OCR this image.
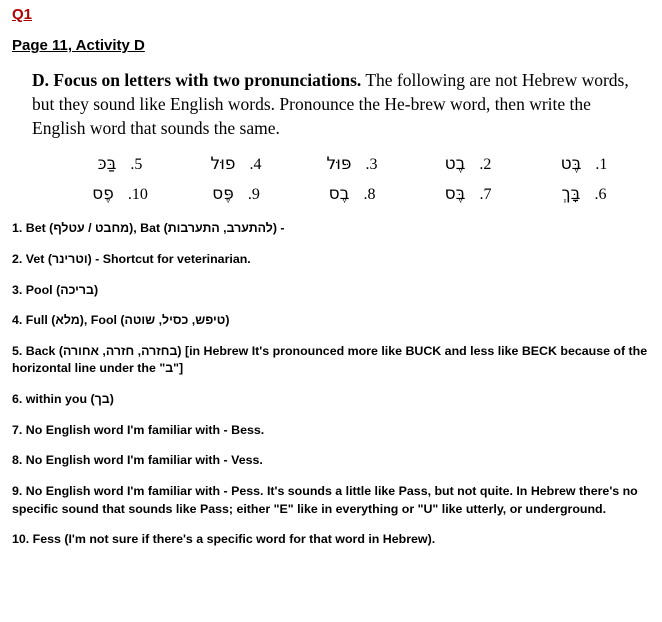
Q1
Page 11, Activity D
D. Focus on letters with two pronunciations. The following are not Hebrew words, but they sound like English words. Pronounce the He-brew word, then write the English word that sounds the same.
בֶּט .1
בֶט .2
פּוּל .3
פוּל .4
בַּכּ .5
בָּךְ .6
בֶּס .7
בֶס .8
פֶּס .9
פֶס .10
1. Bet (מחבט / עטלף), Bat (להתערב, התערבות) -
2. Vet (וטרינר) - Shortcut for veterinarian.
3. Pool (בריכה)
4. Full (מלא), Fool (טיפש, כסיל, שוטה)
5. Back (בחזרה, חזרה, אחורה) [in Hebrew It's pronounced more like BUCK and less like BECK because of the horizontal line under the "ב"]
6. within you (בך)
7. No English word I'm familiar with - Bess.
8. No English word I'm familiar with - Vess.
9. No English word I'm familiar with - Pess. It's sounds a little like Pass, but not quite. In Hebrew there's no specific sound that sounds like Pass; either "E" like in everything or "U" like utterly, or underground.
10. Fess (I'm not sure if there's a specific word for that word in Hebrew).
